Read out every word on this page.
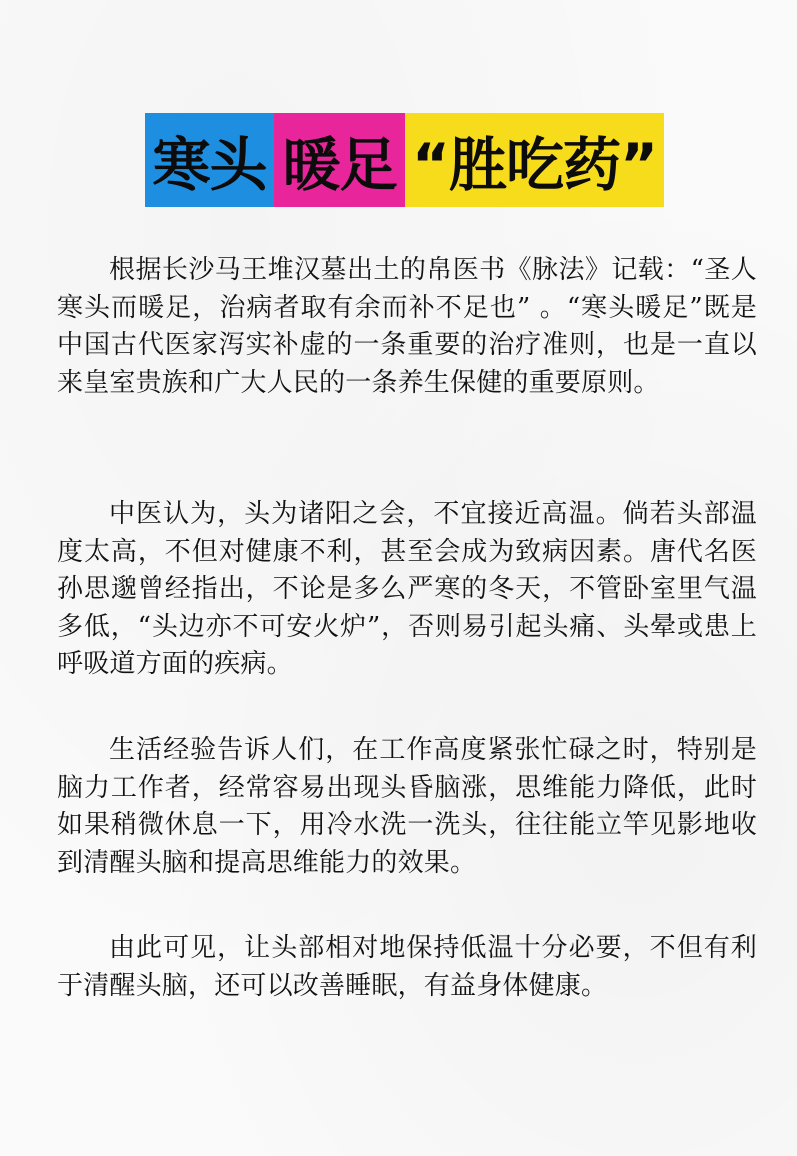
寒头 暖足 “胜吃药”

根据长沙马王堆汉墓出土的帛医书《脉法》记载：“圣人寒头而暖足，治病者取有余而补不足也” 。“寒头暖足”既是中国古代医家泻实补虚的一条重要的治疗准则，也是一直以来皇室贵族和广大人民的一条养生保健的重要原则。

中医认为，头为诸阳之会，不宜接近高温。倘若头部温度太高，不但对健康不利，甚至会成为致病因素。唐代名医孙思邈曾经指出，不论是多么严寒的冬天，不管卧室里气温多低，“头边亦不可安火炉”，否则易引起头痛、头晕或患上呼吸道方面的疾病。

生活经验告诉人们，在工作高度紧张忙碌之时，特别是脑力工作者，经常容易出现头昏脑涨，思维能力降低，此时如果稍微休息一下，用冷水洗一洗头，往往能立竿见影地收到清醒头脑和提高思维能力的效果。

由此可见，让头部相对地保持低温十分必要，不但有利于清醒头脑，还可以改善睡眠，有益身体健康。
